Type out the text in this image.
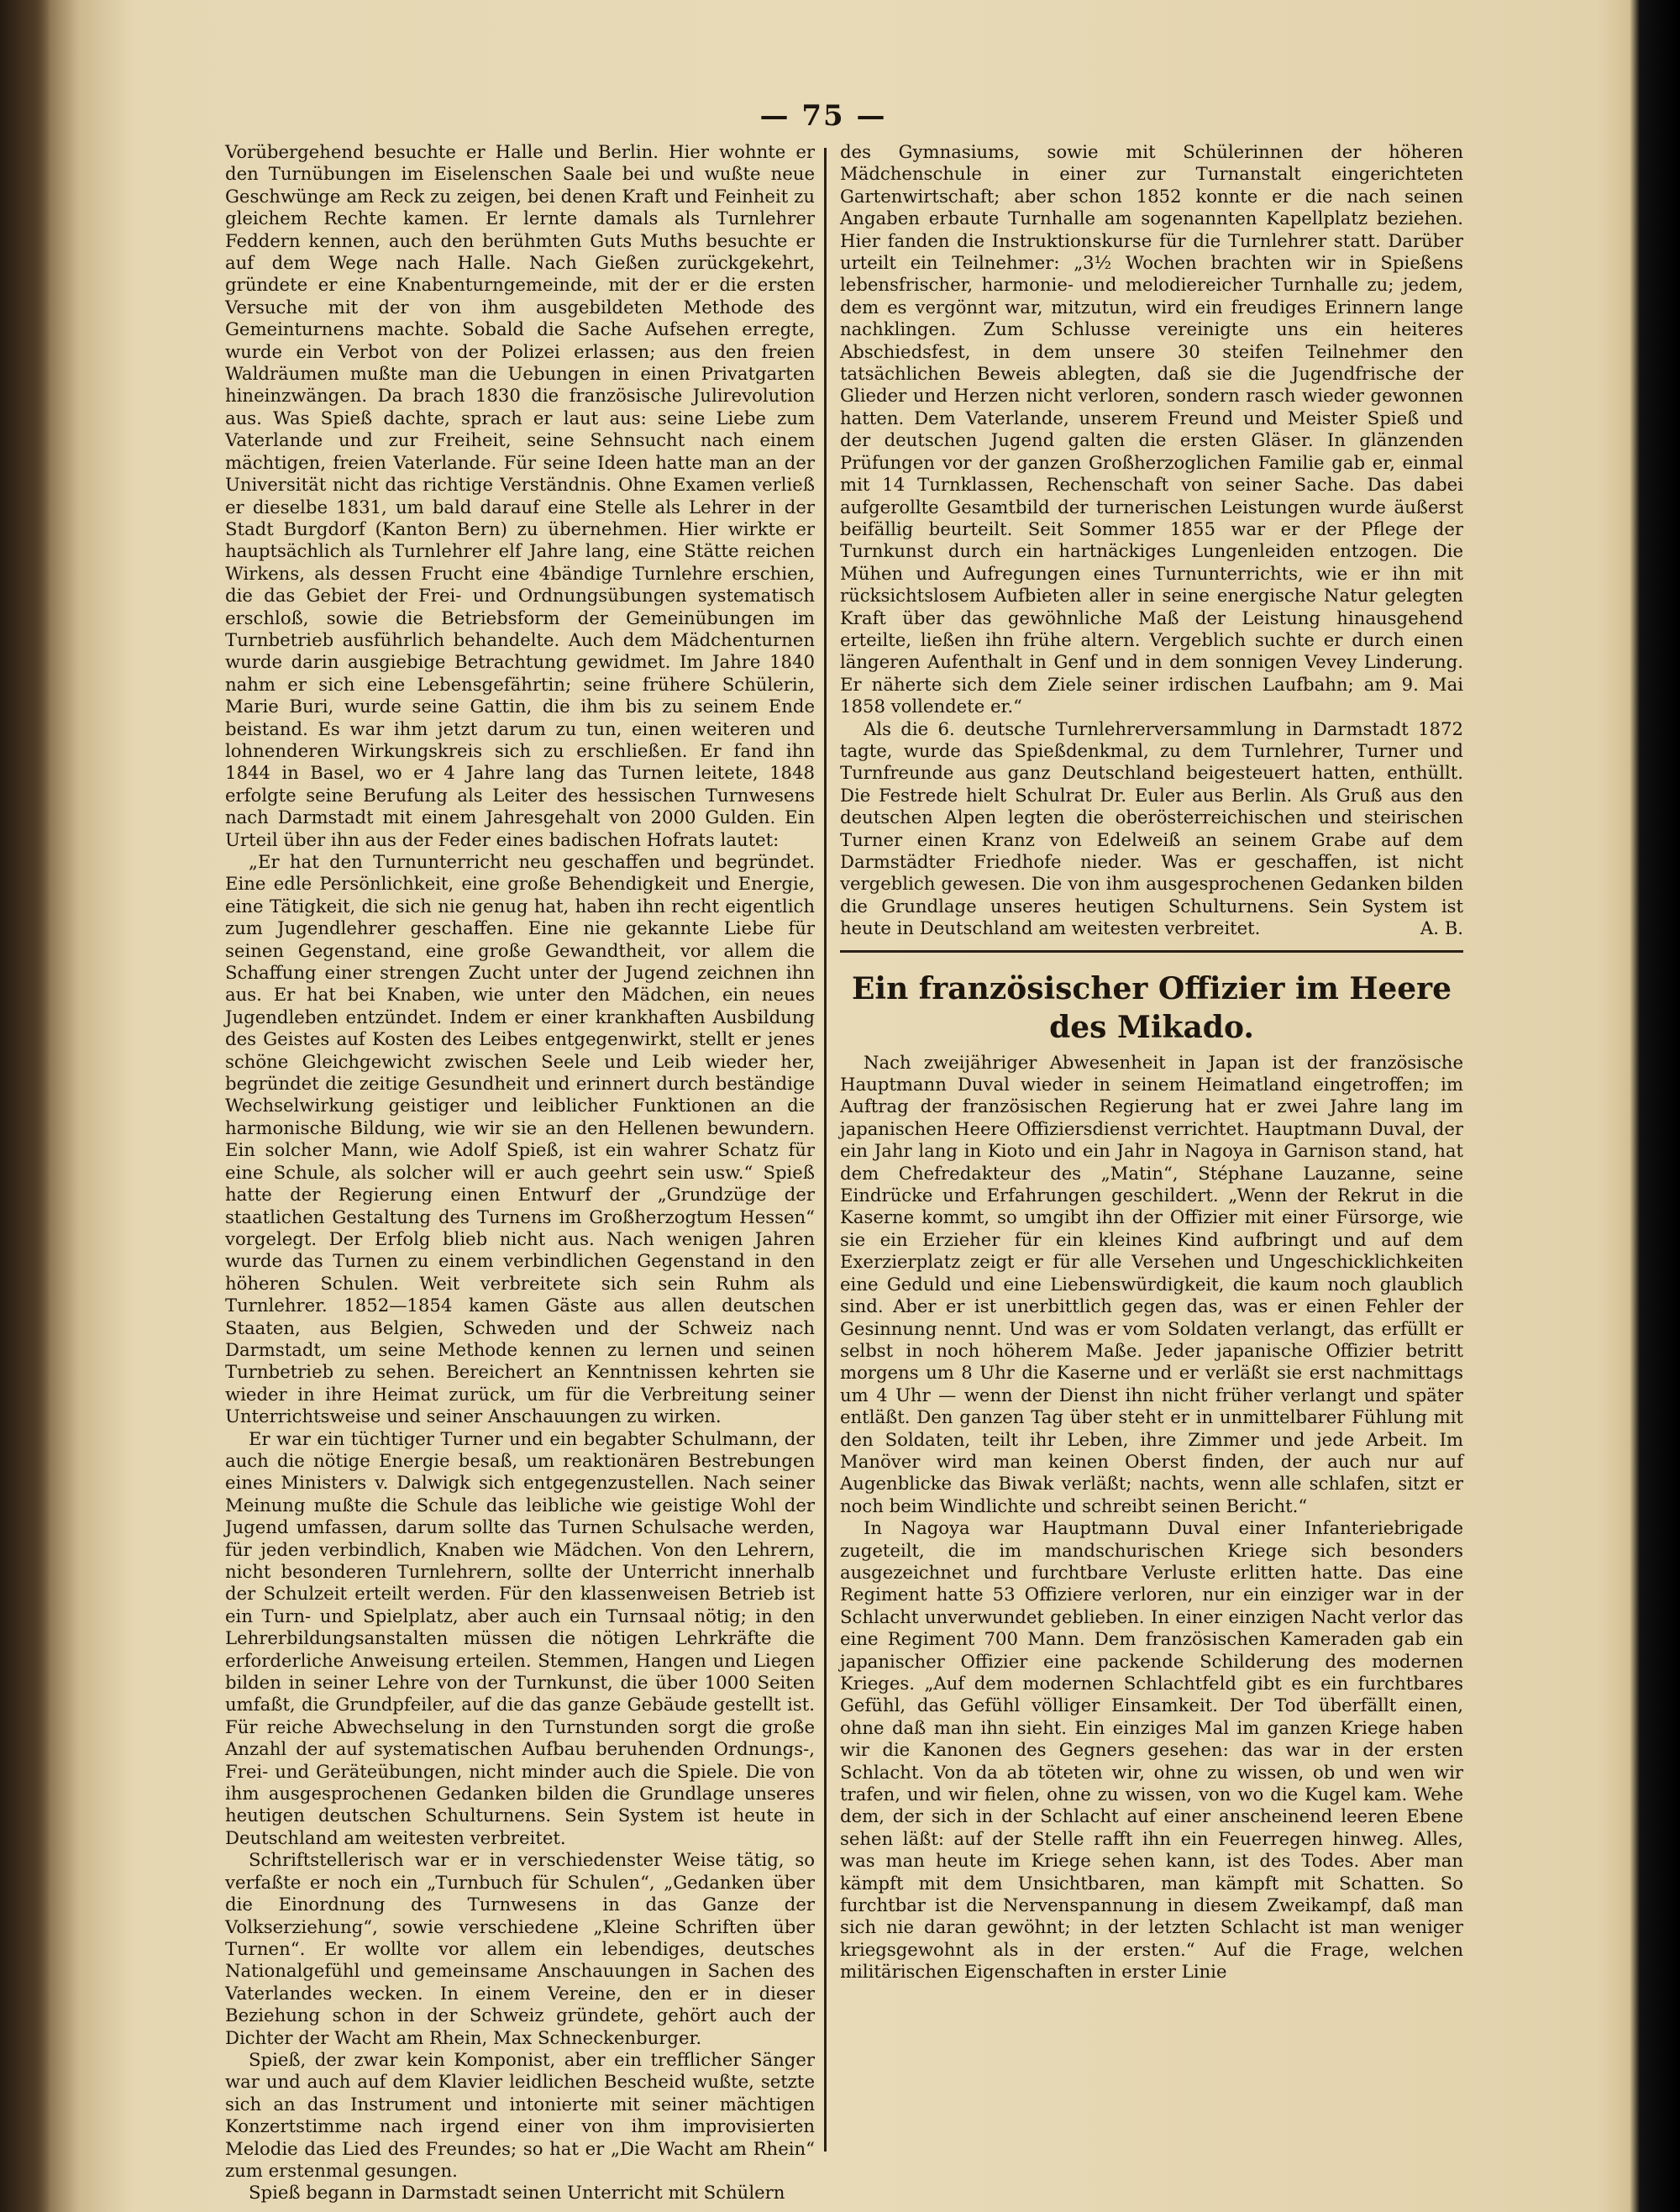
— 75 —

Vorübergehend besuchte er Halle und Berlin. Hier wohnte er den Turnübungen im Eiselenschen Saale bei und wußte neue Geschwünge am Reck zu zeigen, bei denen Kraft und Feinheit zu gleichem Rechte kamen. Er lernte damals als Turnlehrer Feddern kennen, auch den berühmten Guts Muths besuchte er auf dem Wege nach Halle. Nach Gießen zurückgekehrt, gründete er eine Knabenturngemeinde, mit der er die ersten Versuche mit der von ihm ausgebildeten Methode des Gemeinturnens machte. Sobald die Sache Aufsehen erregte, wurde ein Verbot von der Polizei erlassen; aus den freien Waldräumen mußte man die Uebungen in einen Privatgarten hineinzwängen. Da brach 1830 die französische Julirevolution aus. Was Spieß dachte, sprach er laut aus: seine Liebe zum Vaterlande und zur Freiheit, seine Sehnsucht nach einem mächtigen, freien Vaterlande. Für seine Ideen hatte man an der Universität nicht das richtige Verständnis. Ohne Examen verließ er dieselbe 1831, um bald darauf eine Stelle als Lehrer in der Stadt Burgdorf (Kanton Bern) zu übernehmen. Hier wirkte er hauptsächlich als Turnlehrer elf Jahre lang, eine Stätte reichen Wirkens, als dessen Frucht eine 4bändige Turnlehre erschien, die das Gebiet der Frei- und Ordnungsübungen systematisch erschloß, sowie die Betriebsform der Gemeinübungen im Turnbetrieb ausführlich behandelte. Auch dem Mädchenturnen wurde darin ausgiebige Betrachtung gewidmet. Im Jahre 1840 nahm er sich eine Lebensgefährtin; seine frühere Schülerin, Marie Buri, wurde seine Gattin, die ihm bis zu seinem Ende beistand. Es war ihm jetzt darum zu tun, einen weiteren und lohnenderen Wirkungskreis sich zu erschließen. Er fand ihn 1844 in Basel, wo er 4 Jahre lang das Turnen leitete, 1848 erfolgte seine Berufung als Leiter des hessischen Turnwesens nach Darmstadt mit einem Jahresgehalt von 2000 Gulden. Ein Urteil über ihn aus der Feder eines badischen Hofrats lautet:

„Er hat den Turnunterricht neu geschaffen und begründet. Eine edle Persönlichkeit, eine große Behendigkeit und Energie, eine Tätigkeit, die sich nie genug hat, haben ihn recht eigentlich zum Jugendlehrer geschaffen. Eine nie gekannte Liebe für seinen Gegenstand, eine große Gewandtheit, vor allem die Schaffung einer strengen Zucht unter der Jugend zeichnen ihn aus. Er hat bei Knaben, wie unter den Mädchen, ein neues Jugendleben entzündet. Indem er einer krankhaften Ausbildung des Geistes auf Kosten des Leibes entgegenwirkt, stellt er jenes schöne Gleichgewicht zwischen Seele und Leib wieder her, begründet die zeitige Gesundheit und erinnert durch beständige Wechselwirkung geistiger und leiblicher Funktionen an die harmonische Bildung, wie wir sie an den Hellenen bewundern. Ein solcher Mann, wie Adolf Spieß, ist ein wahrer Schatz für eine Schule, als solcher will er auch geehrt sein usw.“ Spieß hatte der Regierung einen Entwurf der „Grundzüge der staatlichen Gestaltung des Turnens im Großherzogtum Hessen“ vorgelegt. Der Erfolg blieb nicht aus. Nach wenigen Jahren wurde das Turnen zu einem verbindlichen Gegenstand in den höheren Schulen. Weit verbreitete sich sein Ruhm als Turnlehrer. 1852—1854 kamen Gäste aus allen deutschen Staaten, aus Belgien, Schweden und der Schweiz nach Darmstadt, um seine Methode kennen zu lernen und seinen Turnbetrieb zu sehen. Bereichert an Kenntnissen kehrten sie wieder in ihre Heimat zurück, um für die Verbreitung seiner Unterrichtsweise und seiner Anschauungen zu wirken.

Er war ein tüchtiger Turner und ein begabter Schulmann, der auch die nötige Energie besaß, um reaktionären Bestrebungen eines Ministers v. Dalwigk sich entgegenzustellen. Nach seiner Meinung mußte die Schule das leibliche wie geistige Wohl der Jugend umfassen, darum sollte das Turnen Schulsache werden, für jeden verbindlich, Knaben wie Mädchen. Von den Lehrern, nicht besonderen Turnlehrern, sollte der Unterricht innerhalb der Schulzeit erteilt werden. Für den klassenweisen Betrieb ist ein Turn- und Spielplatz, aber auch ein Turnsaal nötig; in den Lehrerbildungsanstalten müssen die nötigen Lehrkräfte die erforderliche Anweisung erteilen. Stemmen, Hangen und Liegen bilden in seiner Lehre von der Turnkunst, die über 1000 Seiten umfaßt, die Grundpfeiler, auf die das ganze Gebäude gestellt ist. Für reiche Abwechselung in den Turnstunden sorgt die große Anzahl der auf systematischen Aufbau beruhenden Ordnungs-, Frei- und Geräteübungen, nicht minder auch die Spiele. Die von ihm ausgesprochenen Gedanken bilden die Grundlage unseres heutigen deutschen Schulturnens. Sein System ist heute in Deutschland am weitesten verbreitet.

Schriftstellerisch war er in verschiedenster Weise tätig, so verfaßte er noch ein „Turnbuch für Schulen“, „Gedanken über die Einordnung des Turnwesens in das Ganze der Volkserziehung“, sowie verschiedene „Kleine Schriften über Turnen“. Er wollte vor allem ein lebendiges, deutsches Nationalgefühl und gemeinsame Anschauungen in Sachen des Vaterlandes wecken. In einem Vereine, den er in dieser Beziehung schon in der Schweiz gründete, gehört auch der Dichter der Wacht am Rhein, Max Schneckenburger.

Spieß, der zwar kein Komponist, aber ein trefflicher Sänger war und auch auf dem Klavier leidlichen Bescheid wußte, setzte sich an das Instrument und intonierte mit seiner mächtigen Konzertstimme nach irgend einer von ihm improvisierten Melodie das Lied des Freundes; so hat er „Die Wacht am Rhein“ zum erstenmal gesungen.

Spieß begann in Darmstadt seinen Unterricht mit Schülern

des Gymnasiums, sowie mit Schülerinnen der höheren Mädchenschule in einer zur Turnanstalt eingerichteten Gartenwirtschaft; aber schon 1852 konnte er die nach seinen Angaben erbaute Turnhalle am sogenannten Kapellplatz beziehen. Hier fanden die Instruktionskurse für die Turnlehrer statt. Darüber urteilt ein Teilnehmer: „3½ Wochen brachten wir in Spießens lebensfrischer, harmonie- und melodiereicher Turnhalle zu; jedem, dem es vergönnt war, mitzutun, wird ein freudiges Erinnern lange nachklingen. Zum Schlusse vereinigte uns ein heiteres Abschiedsfest, in dem unsere 30 steifen Teilnehmer den tatsächlichen Beweis ablegten, daß sie die Jugendfrische der Glieder und Herzen nicht verloren, sondern rasch wieder gewonnen hatten. Dem Vaterlande, unserem Freund und Meister Spieß und der deutschen Jugend galten die ersten Gläser. In glänzenden Prüfungen vor der ganzen Großherzoglichen Familie gab er, einmal mit 14 Turnklassen, Rechenschaft von seiner Sache. Das dabei aufgerollte Gesamtbild der turnerischen Leistungen wurde äußerst beifällig beurteilt. Seit Sommer 1855 war er der Pflege der Turnkunst durch ein hartnäckiges Lungenleiden entzogen. Die Mühen und Aufregungen eines Turnunterrichts, wie er ihn mit rücksichtslosem Aufbieten aller in seine energische Natur gelegten Kraft über das gewöhnliche Maß der Leistung hinausgehend erteilte, ließen ihn frühe altern. Vergeblich suchte er durch einen längeren Aufenthalt in Genf und in dem sonnigen Vevey Linderung. Er näherte sich dem Ziele seiner irdischen Laufbahn; am 9. Mai 1858 vollendete er.“

Als die 6. deutsche Turnlehrerversammlung in Darmstadt 1872 tagte, wurde das Spießdenkmal, zu dem Turnlehrer, Turner und Turnfreunde aus ganz Deutschland beigesteuert hatten, enthüllt. Die Festrede hielt Schulrat Dr. Euler aus Berlin. Als Gruß aus den deutschen Alpen legten die oberösterreichischen und steirischen Turner einen Kranz von Edelweiß an seinem Grabe auf dem Darmstädter Friedhofe nieder. Was er geschaffen, ist nicht vergeblich gewesen. Die von ihm ausgesprochenen Gedanken bilden die Grundlage unseres heutigen Schulturnens. Sein System ist heute in Deutschland am weitesten verbreitet.	A. B.

Ein französischer Offizier im Heere des Mikado.

Nach zweijähriger Abwesenheit in Japan ist der französische Hauptmann Duval wieder in seinem Heimatland eingetroffen; im Auftrag der französischen Regierung hat er zwei Jahre lang im japanischen Heere Offiziersdienst verrichtet. Hauptmann Duval, der ein Jahr lang in Kioto und ein Jahr in Nagoya in Garnison stand, hat dem Chefredakteur des „Matin“, Stéphane Lauzanne, seine Eindrücke und Erfahrungen geschildert. „Wenn der Rekrut in die Kaserne kommt, so umgibt ihn der Offizier mit einer Fürsorge, wie sie ein Erzieher für ein kleines Kind aufbringt und auf dem Exerzierplatz zeigt er für alle Versehen und Ungeschicklichkeiten eine Geduld und eine Liebenswürdigkeit, die kaum noch glaublich sind. Aber er ist unerbittlich gegen das, was er einen Fehler der Gesinnung nennt. Und was er vom Soldaten verlangt, das erfüllt er selbst in noch höherem Maße. Jeder japanische Offizier betritt morgens um 8 Uhr die Kaserne und er verläßt sie erst nachmittags um 4 Uhr — wenn der Dienst ihn nicht früher verlangt und später entläßt. Den ganzen Tag über steht er in unmittelbarer Fühlung mit den Soldaten, teilt ihr Leben, ihre Zimmer und jede Arbeit. Im Manöver wird man keinen Oberst finden, der auch nur auf Augenblicke das Biwak verläßt; nachts, wenn alle schlafen, sitzt er noch beim Windlichte und schreibt seinen Bericht.“

In Nagoya war Hauptmann Duval einer Infanteriebrigade zugeteilt, die im mandschurischen Kriege sich besonders ausgezeichnet und furchtbare Verluste erlitten hatte. Das eine Regiment hatte 53 Offiziere verloren, nur ein einziger war in der Schlacht unverwundet geblieben. In einer einzigen Nacht verlor das eine Regiment 700 Mann. Dem französischen Kameraden gab ein japanischer Offizier eine packende Schilderung des modernen Krieges. „Auf dem modernen Schlachtfeld gibt es ein furchtbares Gefühl, das Gefühl völliger Einsamkeit. Der Tod überfällt einen, ohne daß man ihn sieht. Ein einziges Mal im ganzen Kriege haben wir die Kanonen des Gegners gesehen: das war in der ersten Schlacht. Von da ab töteten wir, ohne zu wissen, ob und wen wir trafen, und wir fielen, ohne zu wissen, von wo die Kugel kam. Wehe dem, der sich in der Schlacht auf einer anscheinend leeren Ebene sehen läßt: auf der Stelle rafft ihn ein Feuerregen hinweg. Alles, was man heute im Kriege sehen kann, ist des Todes. Aber man kämpft mit dem Unsichtbaren, man kämpft mit Schatten. So furchtbar ist die Nervenspannung in diesem Zweikampf, daß man sich nie daran gewöhnt; in der letzten Schlacht ist man weniger kriegsgewohnt als in der ersten.“ Auf die Frage, welchen militärischen Eigenschaften in erster Linie
